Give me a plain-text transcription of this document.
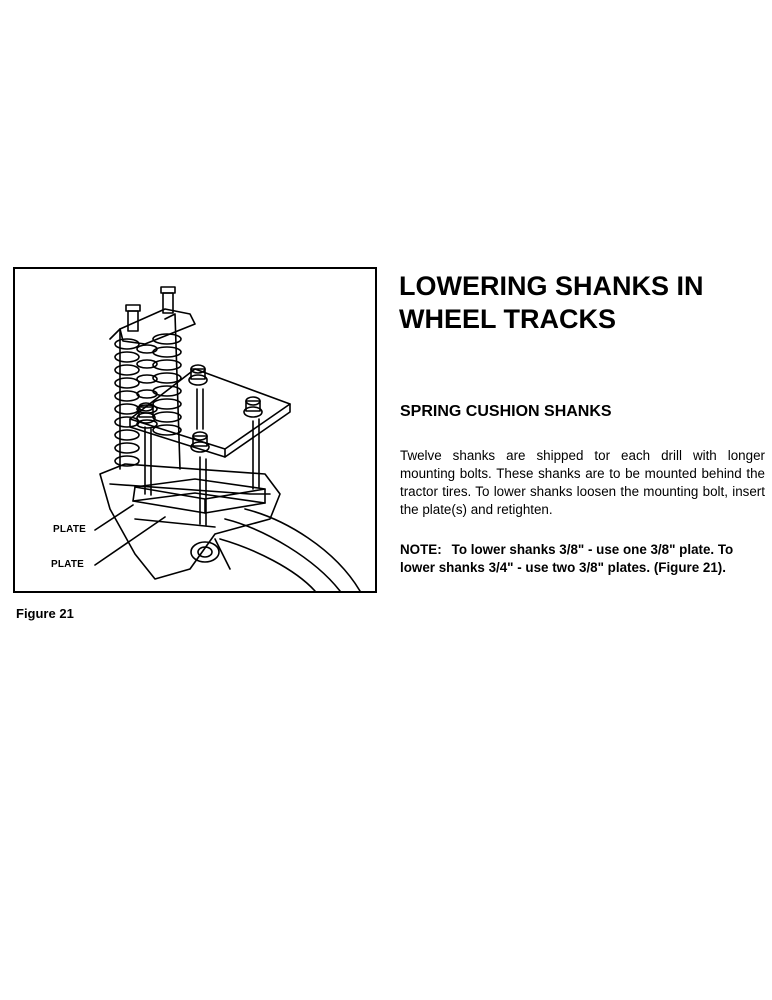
PLATE
PLATE
Figure 21
LOWERING SHANKS IN WHEEL TRACKS
SPRING CUSHION SHANKS

Twelve shanks are shipped tor each drill with longer mounting bolts. These shanks are to be mounted behind the tractor tires. To lower shanks loosen the mounting bolt, insert the plate(s) and retighten.

NOTE: To lower shanks 3/8" - use one 3/8" plate. To lower shanks 3/4" - use two 3/8" plates. (Figure 21).
